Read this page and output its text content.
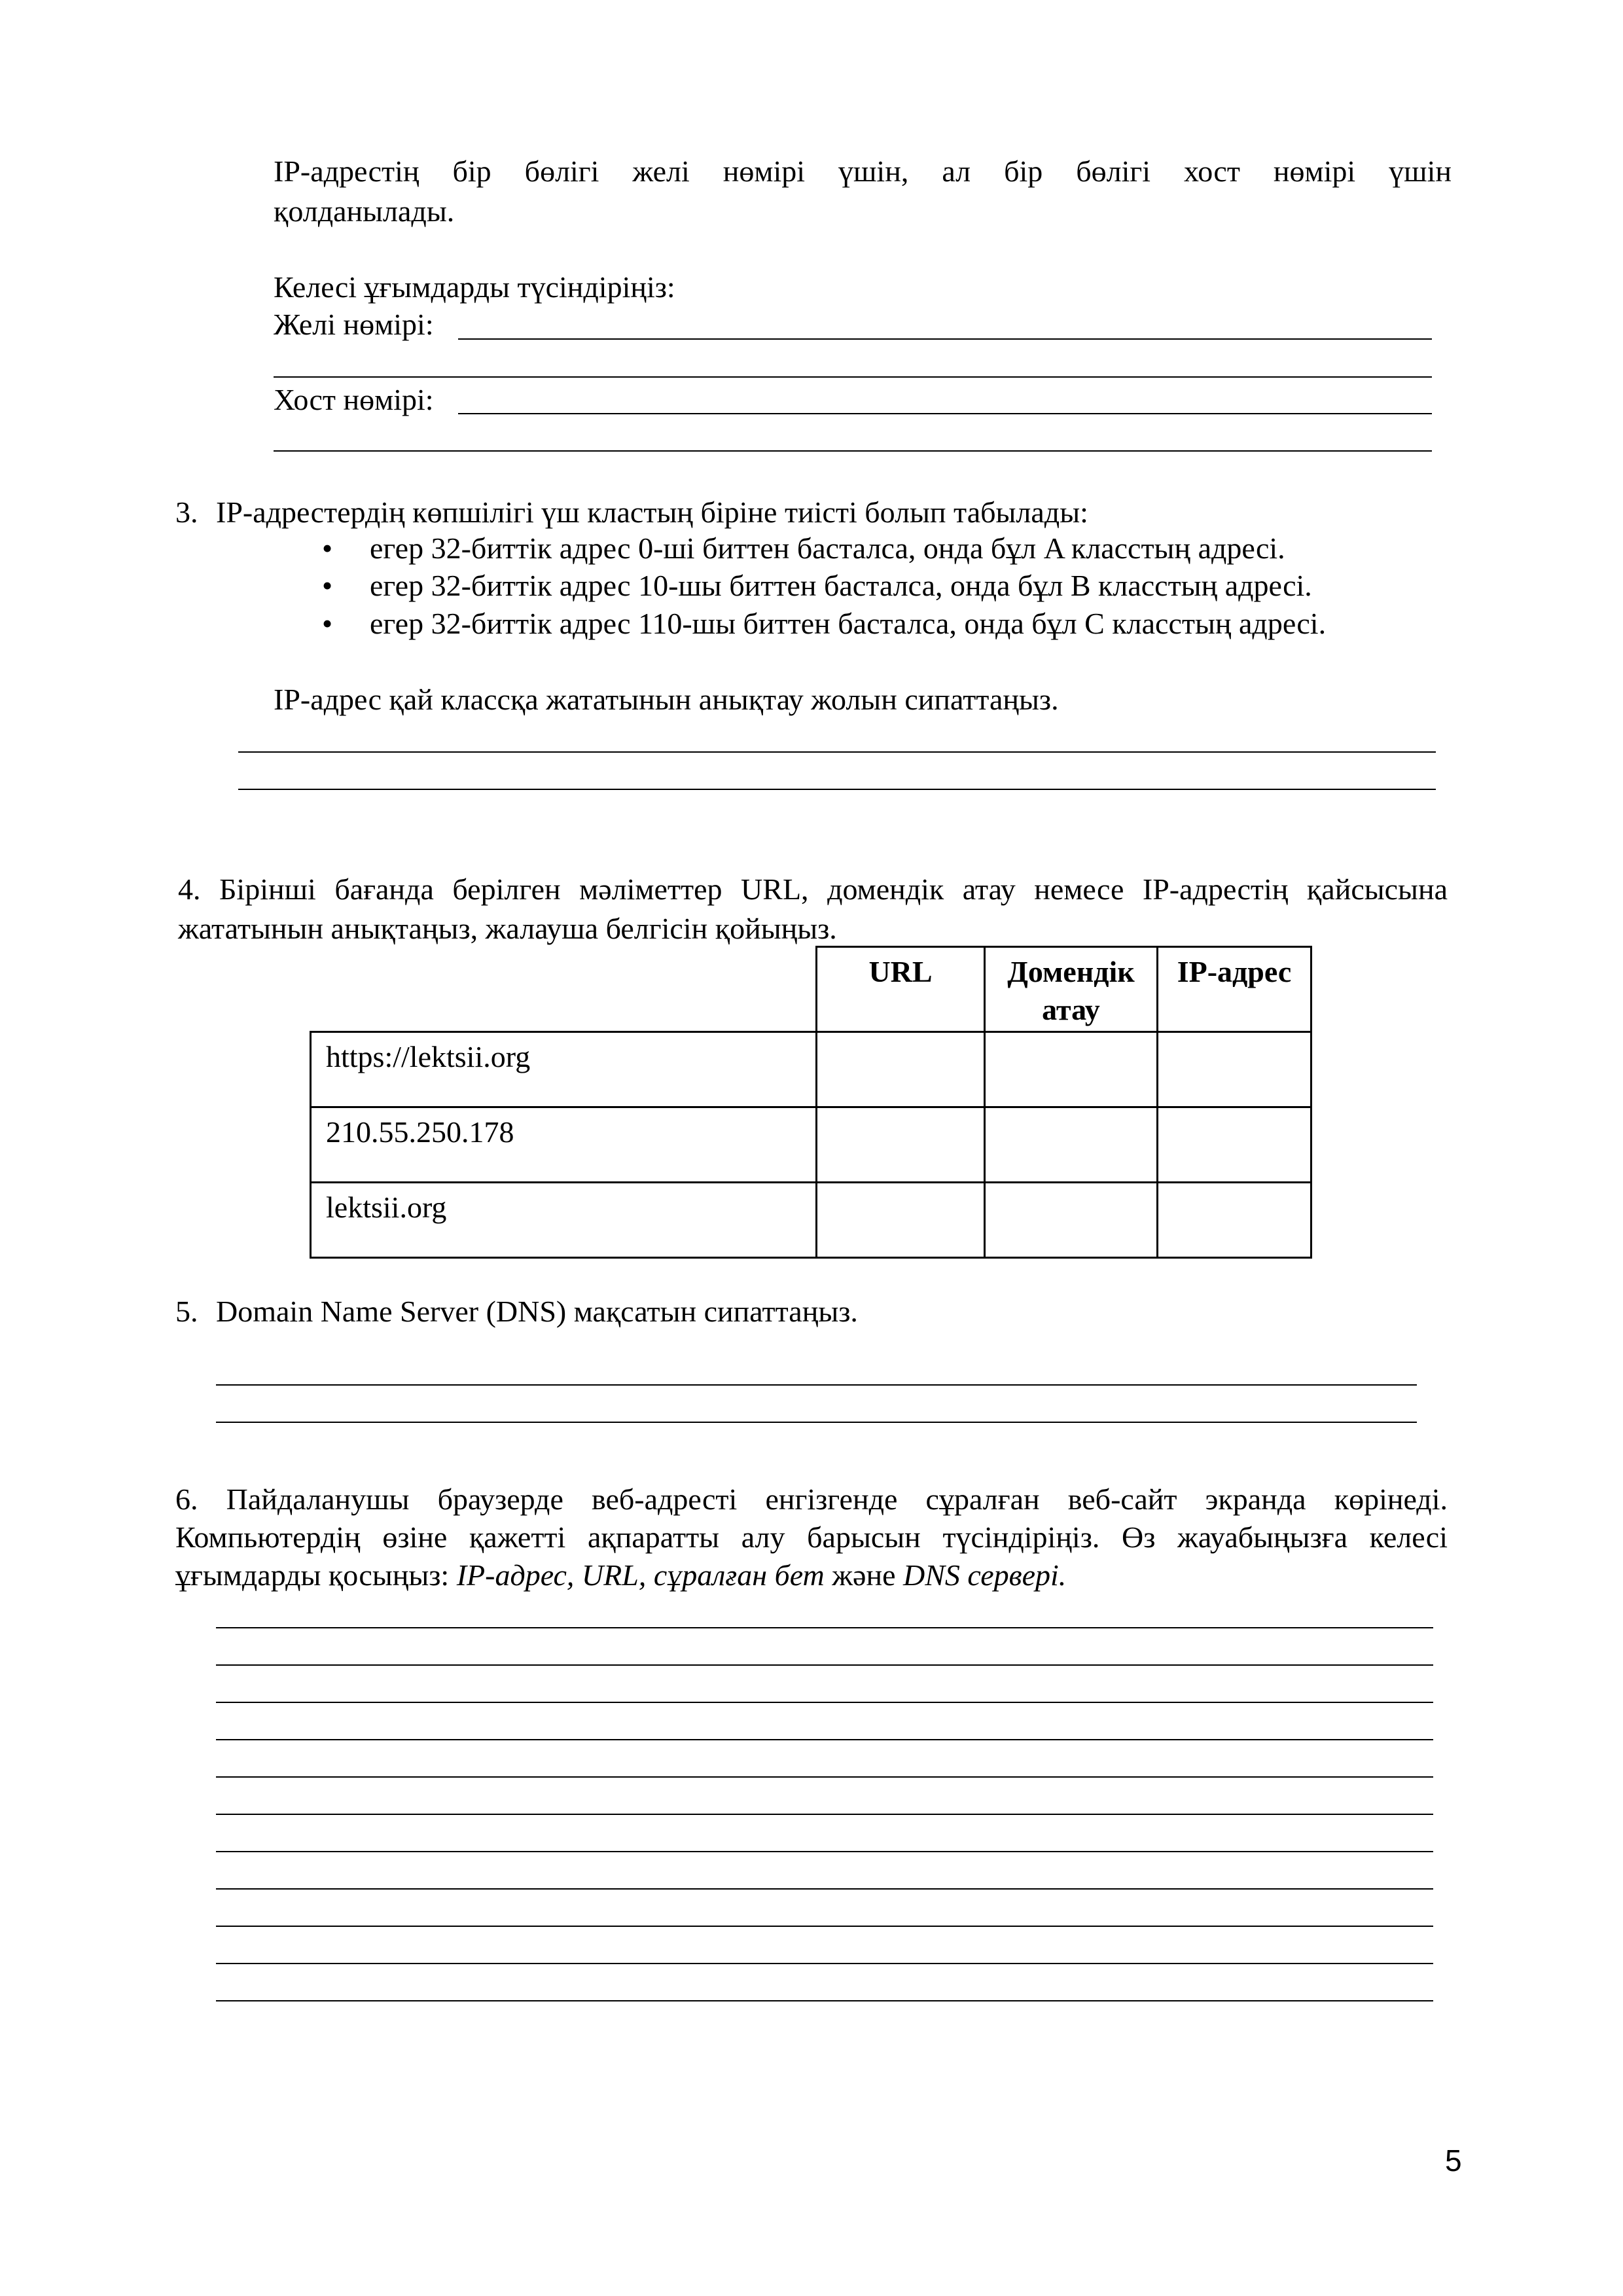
IP-адрестің бір бөлігі желі нөмірі үшін, ал бір бөлігі хост нөмірі үшін
қолданылады.
Келесі ұғымдарды түсіндіріңіз:
Желі нөмірі:
Хост нөмірі:
3. IP-адрестердің көпшілігі үш кластың біріне тиісті болып табылады:
• егер 32-биттік адрес 0-ші биттен басталса, онда бұл A класстың адресі.
• егер 32-биттік адрес 10-шы биттен басталса, онда бұл B класстың адресі.
• егер 32-биттік адрес 110-шы биттен басталса, онда бұл C класстың адресі.
IP-адрес қай классқа жататынын анықтау жолын сипаттаңыз.
4. Бірінші бағанда берілген мәліметтер URL, домендік атау немесе IP-адрестің қайсысына
жататынын анықтаңыз, жалауша белгісін қойыңыз.
	URL	Домендік атау	IP-адрес
https://lektsii.org			
210.55.250.178			
lektsii.org			
5. Domain Name Server (DNS) мақсатын сипаттаңыз.
6. Пайдаланушы браузерде веб-адресті енгізгенде сұралған веб-сайт экранда көрінеді.
Компьютердің өзіне қажетті ақпаратты алу барысын түсіндіріңіз. Өз жауабыңызға келесі
ұғымдарды қосыңыз: IP-адрес, URL, сұралған бет және DNS сервері.
5
